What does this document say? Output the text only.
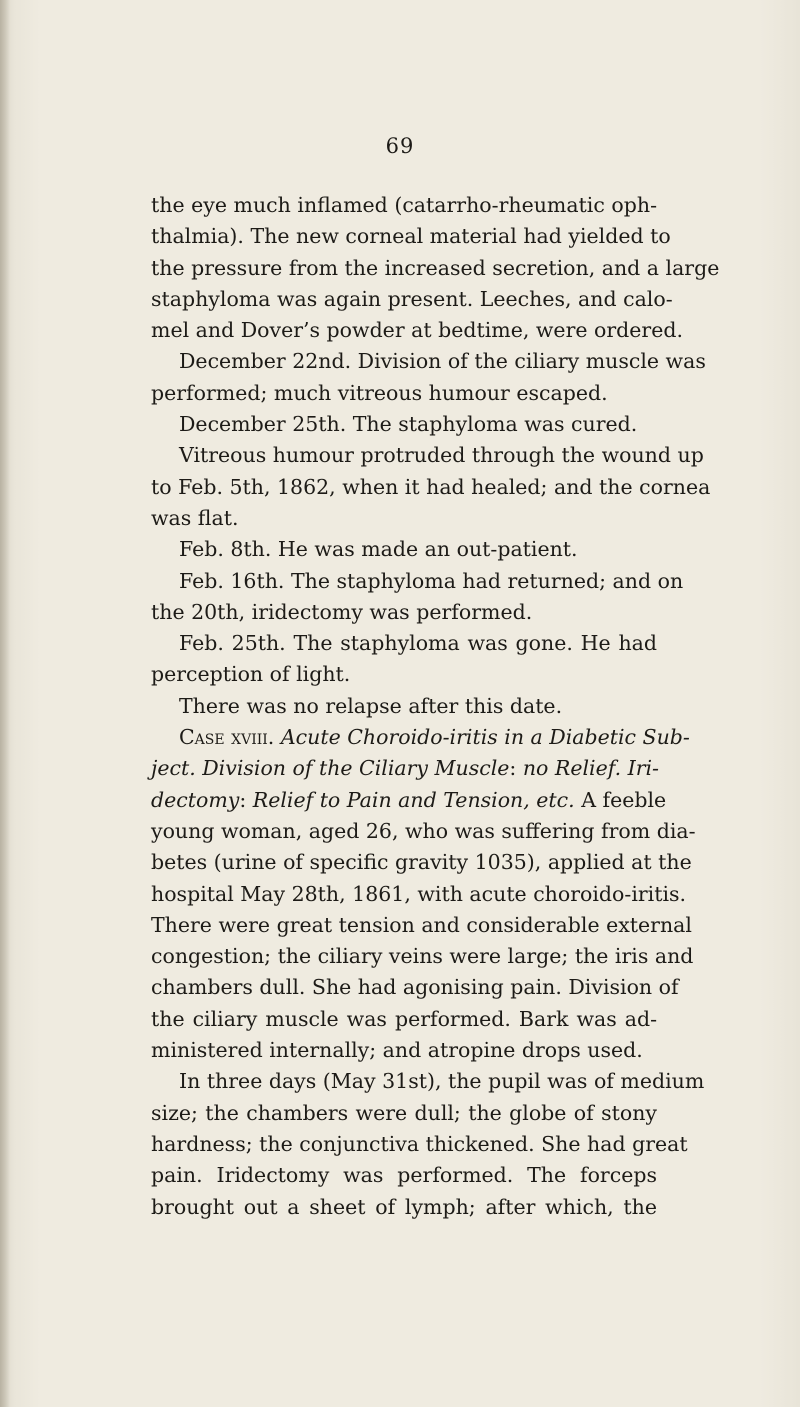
69
the eye much inflamed (catarrho-rheumatic oph-
thalmia). The new corneal material had yielded to
the pressure from the increased secretion, and a large
staphyloma was again present. Leeches, and calo-
mel and Dover’s powder at bedtime, were ordered.
December 22nd. Division of the ciliary muscle was
performed; much vitreous humour escaped.
December 25th. The staphyloma was cured.
Vitreous humour protruded through the wound up
to Feb. 5th, 1862, when it had healed; and the cornea
was flat.
Feb. 8th. He was made an out-patient.
Feb. 16th. The staphyloma had returned; and on
the 20th, iridectomy was performed.
Feb. 25th. The staphyloma was gone. He had
perception of light.
There was no relapse after this date.
Case xviii. Acute Choroido-iritis in a Diabetic Sub-
ject. Division of the Ciliary Muscle: no Relief. Iri-
dectomy: Relief to Pain and Tension, etc. A feeble
young woman, aged 26, who was suffering from dia-
betes (urine of specific gravity 1035), applied at the
hospital May 28th, 1861, with acute choroido-iritis.
There were great tension and considerable external
congestion; the ciliary veins were large; the iris and
chambers dull. She had agonising pain. Division of
the ciliary muscle was performed. Bark was ad-
ministered internally; and atropine drops used.
In three days (May 31st), the pupil was of medium
size; the chambers were dull; the globe of stony
hardness; the conjunctiva thickened. She had great
pain. Iridectomy was performed. The forceps
brought out a sheet of lymph; after which, the
